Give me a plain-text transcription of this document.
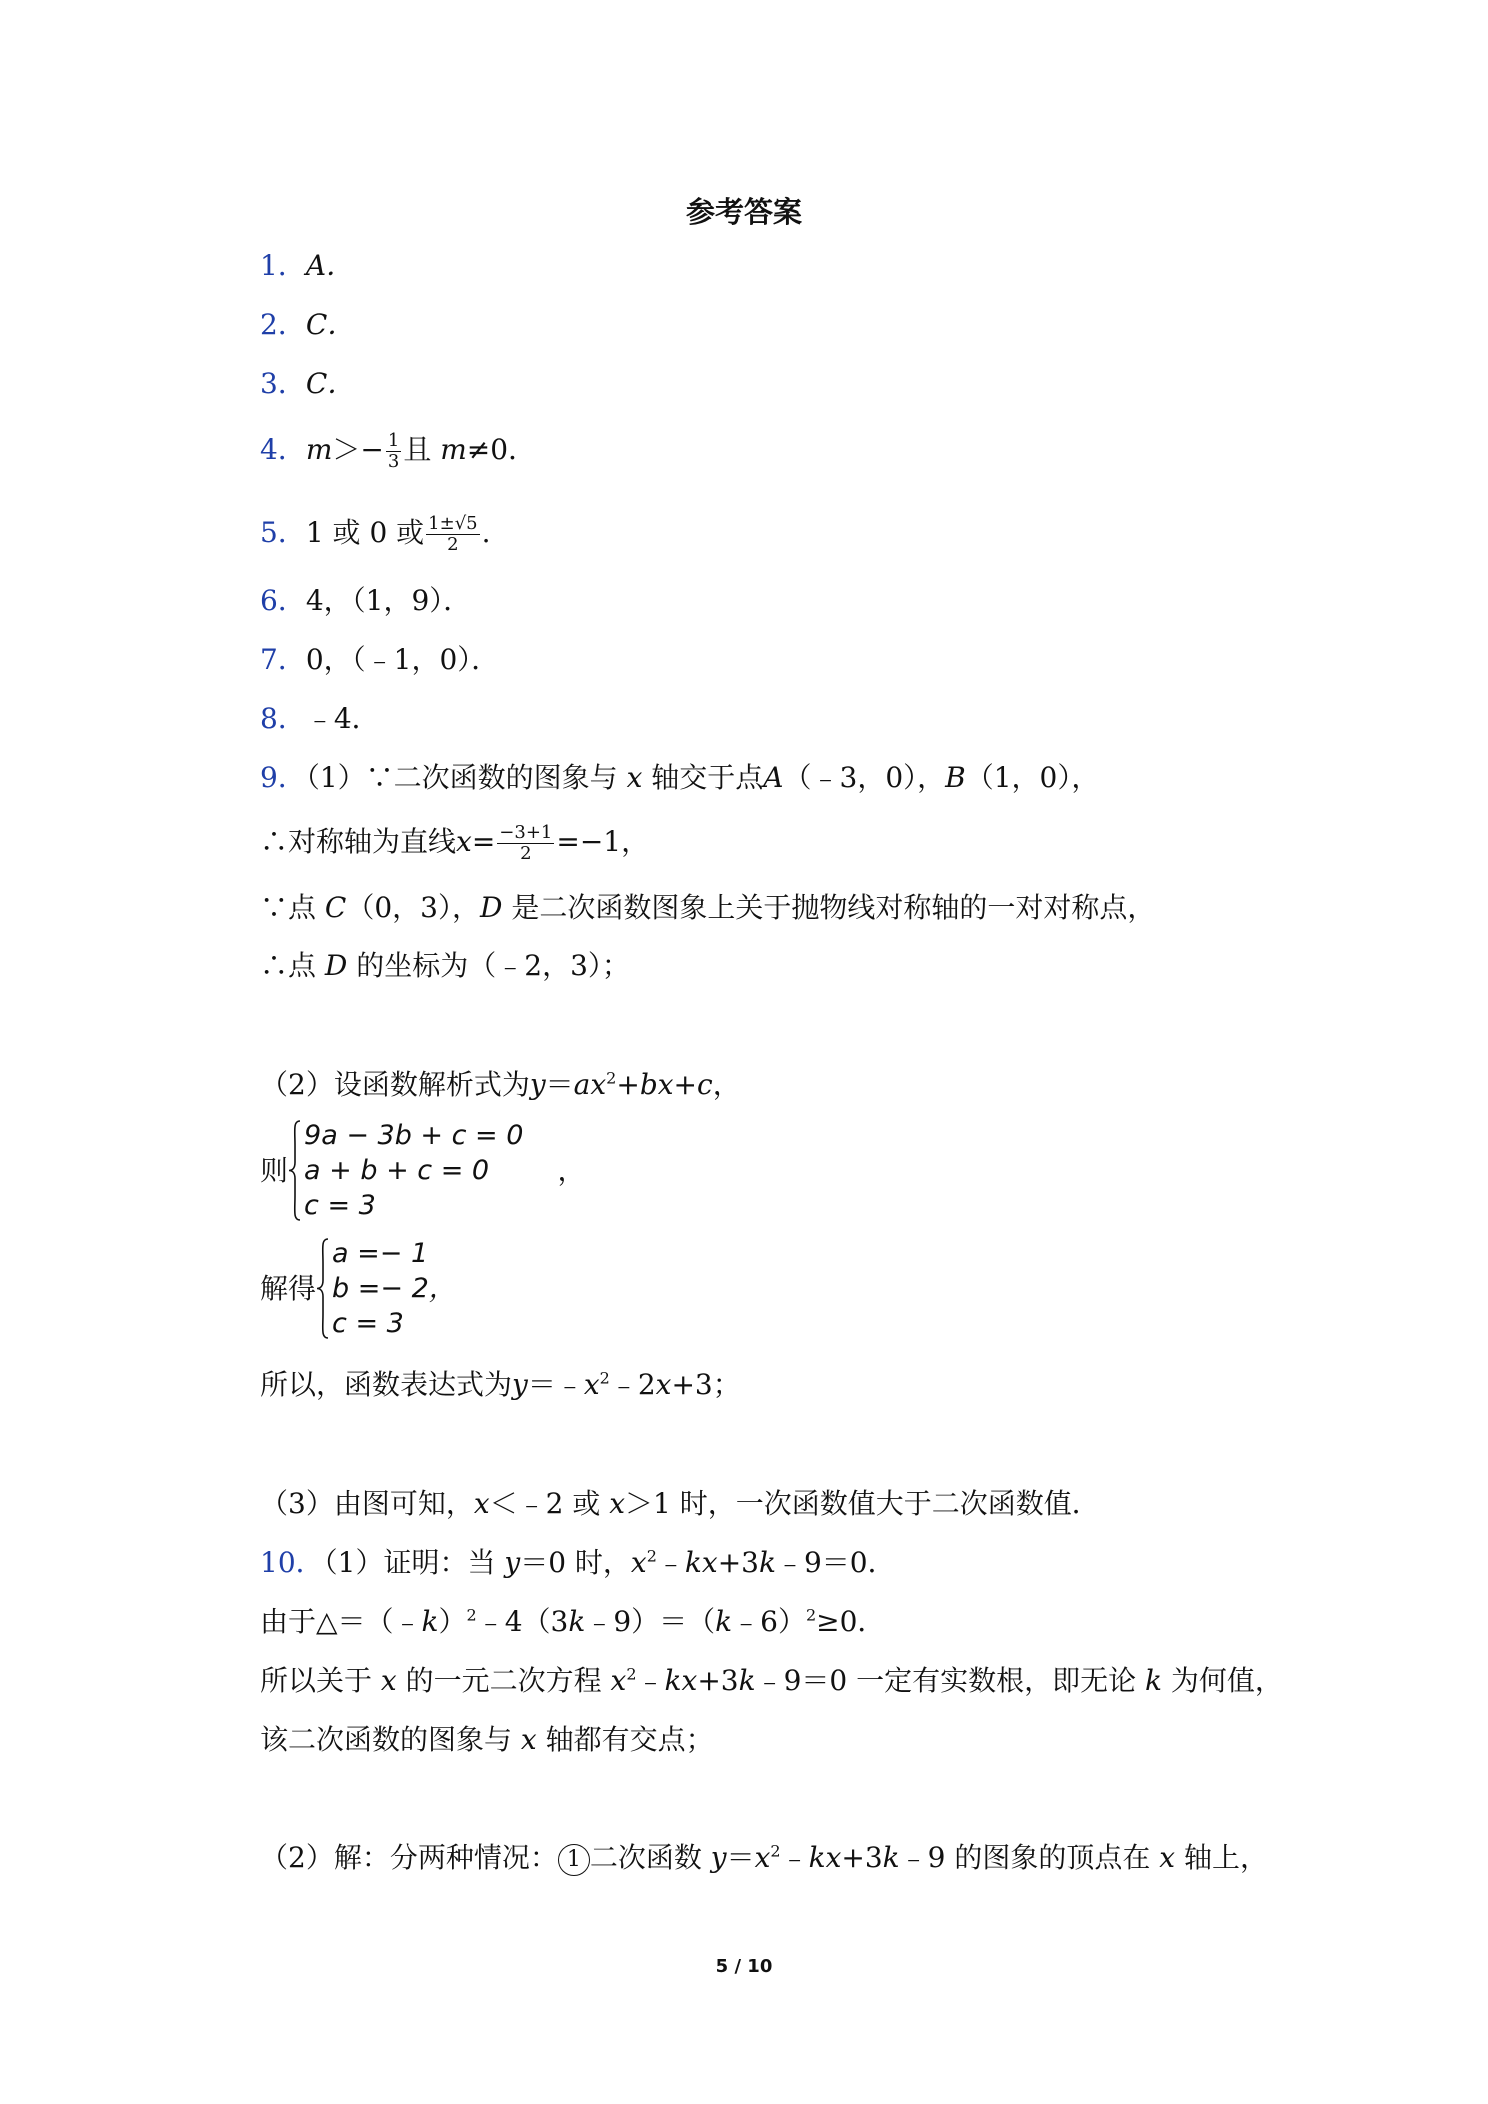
参考答案
1．A．
2．C．
3．C．
4．$m>- \frac{1}{3}$ 且 m≠0．
5．1 或 0 或 $\frac{1\pm√5}{2}$ .
6．4，（1，9）．
7．0，（﹣1，0）．
8．﹣4．
9．（1）∵二次函数的图象与 x 轴交于点A（﹣3，0），B（1，0），
∴对称轴为直线$x= \frac{-3+1}{2} =-1$，
∵点 C（0，3），D 是二次函数图象上关于抛物线对称轴的一对对称点，
∴点 D 的坐标为（﹣2，3）；
（2）设函数解析式为$y=ax^2+bx+c$，
则
9a − 3b + c = 0
a + b + c = 0
c = 3
，
解得
a =− 1
b =− 2，
c = 3
所以，函数表达式为$y=﹣x^2﹣2x+3$；
（3）由图可知，x＜﹣2 或 x＞1 时，一次函数值大于二次函数值．
10．（1）证明：当 y＝0 时，$x^2﹣kx+3k﹣9=0$．
由于△＝（﹣k）$^2$﹣4（3k﹣9）＝（k﹣6）$^2$≥0．
所以关于 x 的一元二次方程 $x^2﹣kx+3k﹣9=0$ 一定有实数根，即无论 k 为何值，
该二次函数的图象与 x 轴都有交点；
（2）解：分两种情况： 1 二次函数 $y=x^2﹣kx+3k﹣9$ 的图象的顶点在 x 轴上，
5 / 10
